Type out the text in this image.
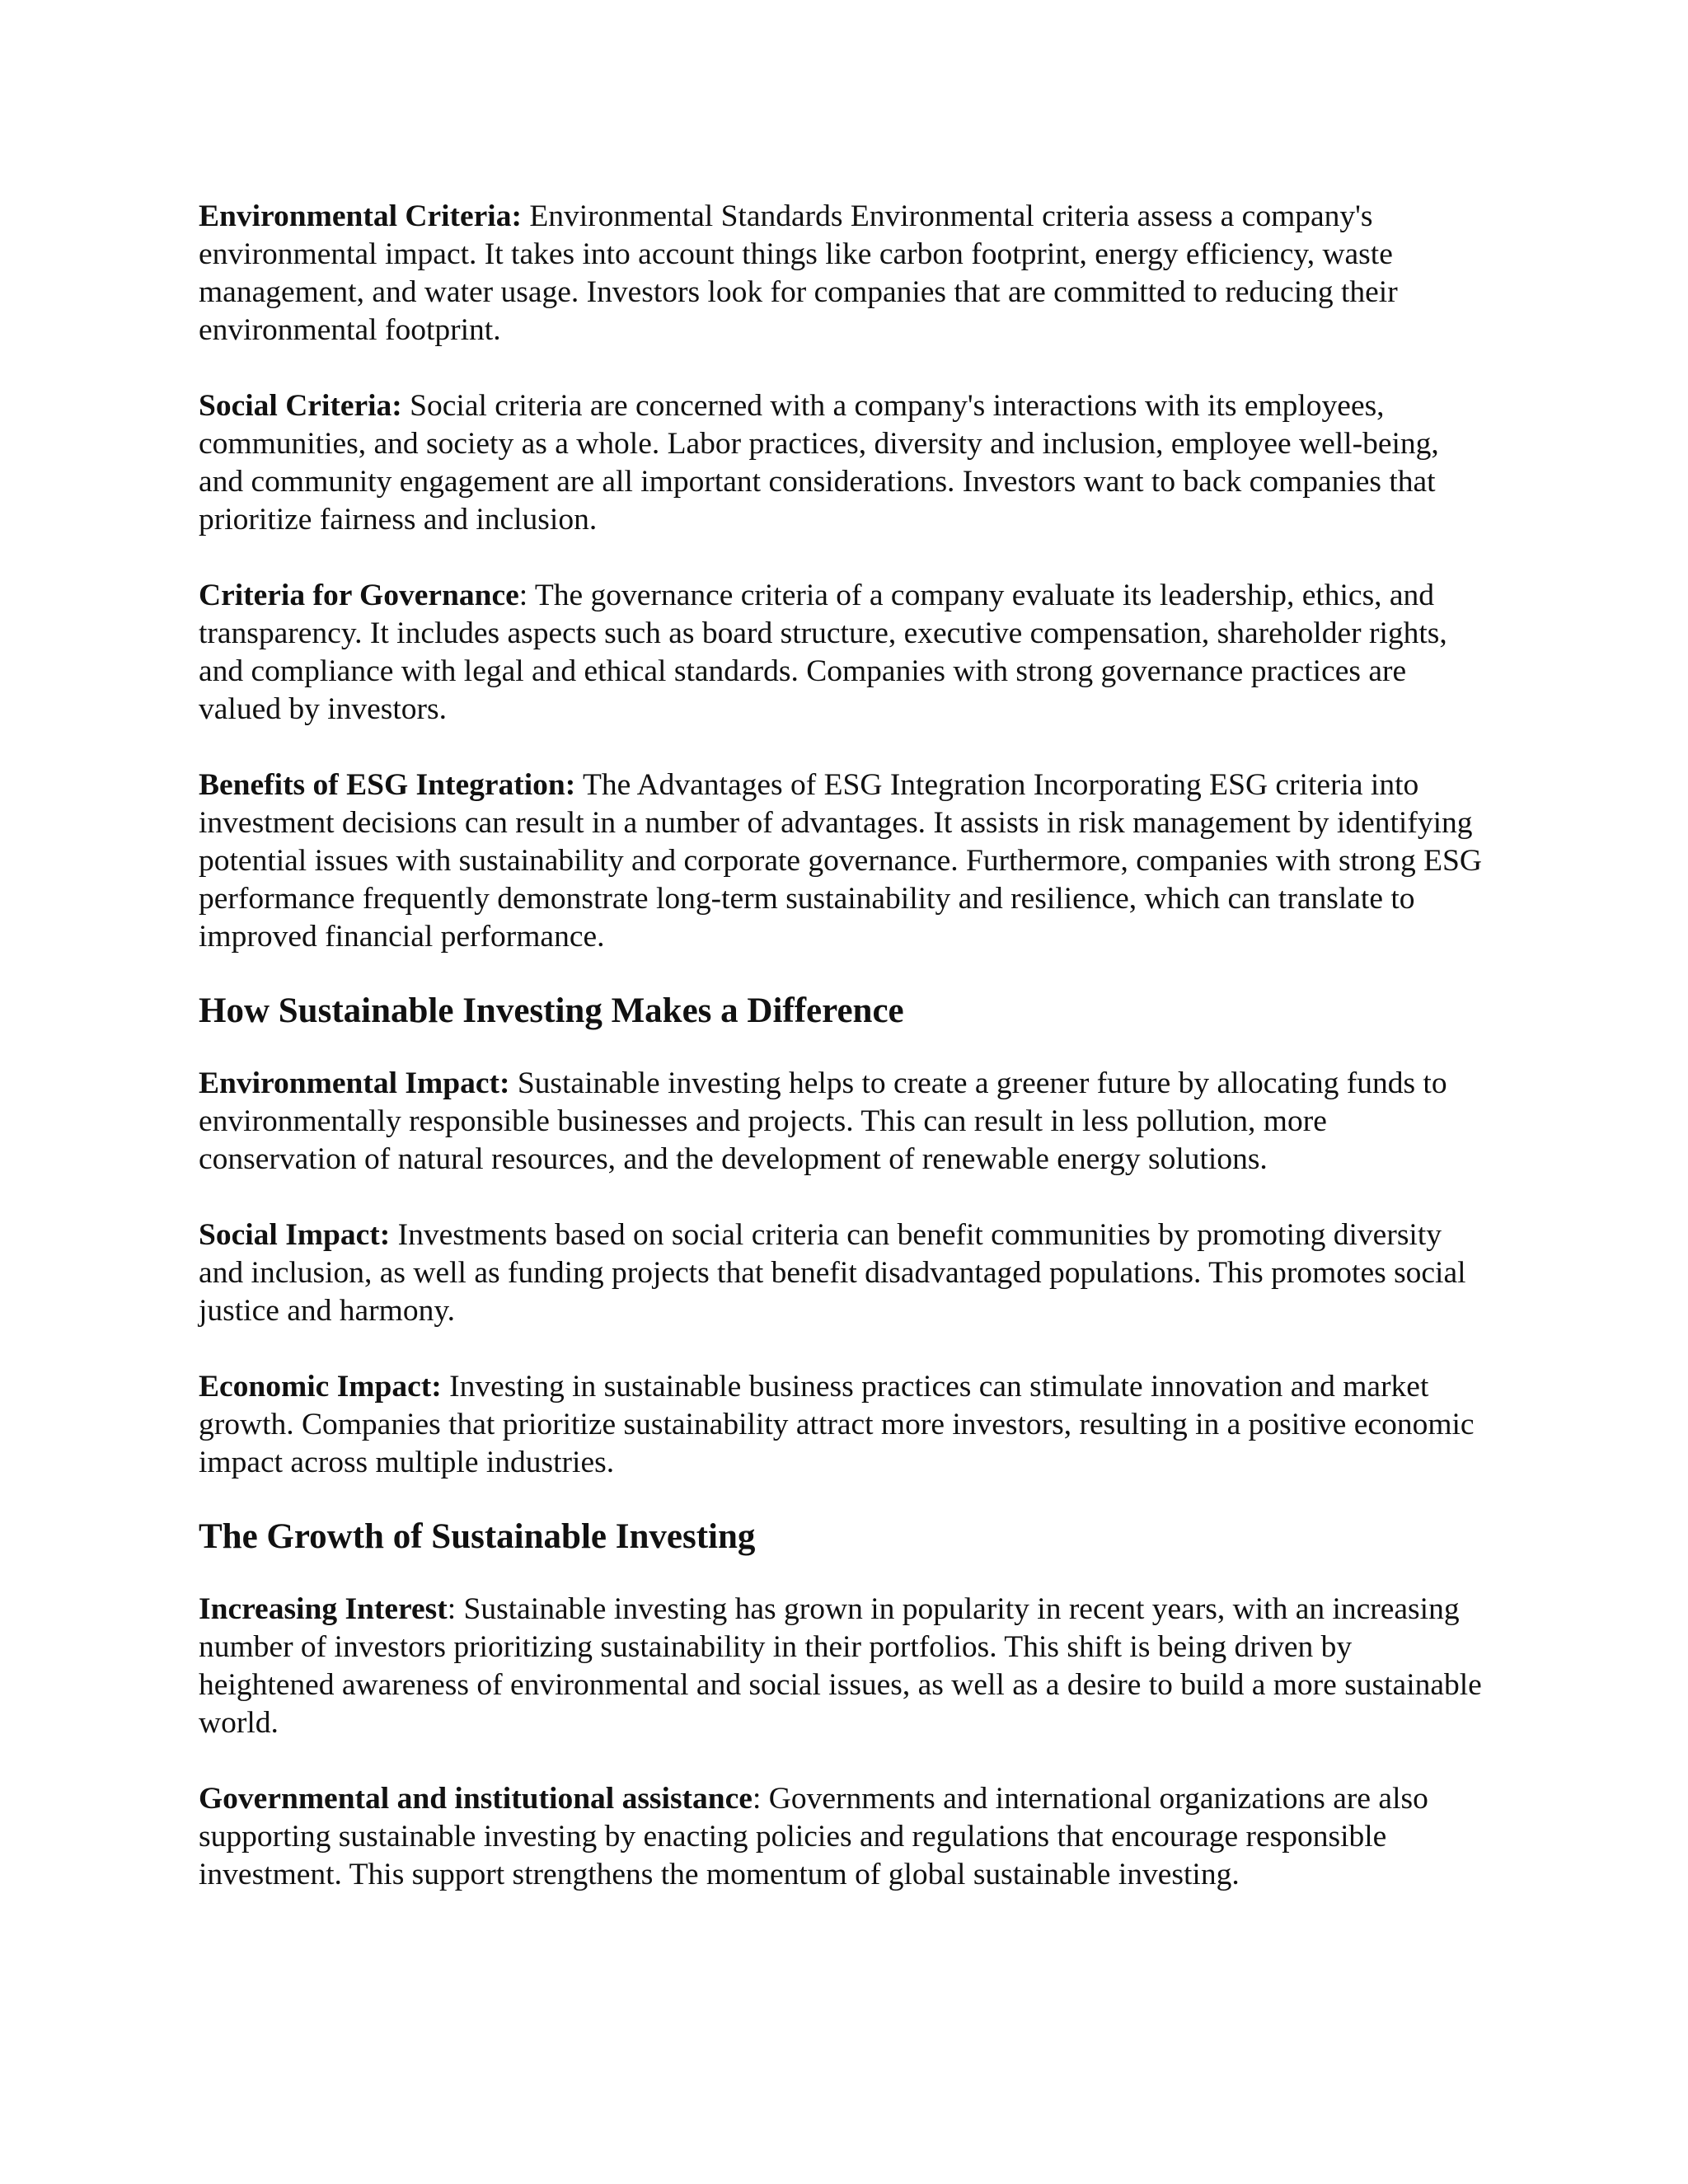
Environmental Criteria: Environmental Standards Environmental criteria assess a company's environmental impact. It takes into account things like carbon footprint, energy efficiency, waste management, and water usage. Investors look for companies that are committed to reducing their environmental footprint.

Social Criteria: Social criteria are concerned with a company's interactions with its employees, communities, and society as a whole. Labor practices, diversity and inclusion, employee well-being, and community engagement are all important considerations. Investors want to back companies that prioritize fairness and inclusion.

Criteria for Governance: The governance criteria of a company evaluate its leadership, ethics, and transparency. It includes aspects such as board structure, executive compensation, shareholder rights, and compliance with legal and ethical standards. Companies with strong governance practices are valued by investors.

Benefits of ESG Integration: The Advantages of ESG Integration Incorporating ESG criteria into investment decisions can result in a number of advantages. It assists in risk management by identifying potential issues with sustainability and corporate governance. Furthermore, companies with strong ESG performance frequently demonstrate long-term sustainability and resilience, which can translate to improved financial performance.

How Sustainable Investing Makes a Difference

Environmental Impact: Sustainable investing helps to create a greener future by allocating funds to environmentally responsible businesses and projects. This can result in less pollution, more conservation of natural resources, and the development of renewable energy solutions.

Social Impact: Investments based on social criteria can benefit communities by promoting diversity and inclusion, as well as funding projects that benefit disadvantaged populations. This promotes social justice and harmony.

Economic Impact: Investing in sustainable business practices can stimulate innovation and market growth. Companies that prioritize sustainability attract more investors, resulting in a positive economic impact across multiple industries.

The Growth of Sustainable Investing

Increasing Interest: Sustainable investing has grown in popularity in recent years, with an increasing number of investors prioritizing sustainability in their portfolios. This shift is being driven by heightened awareness of environmental and social issues, as well as a desire to build a more sustainable world.

Governmental and institutional assistance: Governments and international organizations are also supporting sustainable investing by enacting policies and regulations that encourage responsible investment. This support strengthens the momentum of global sustainable investing.
